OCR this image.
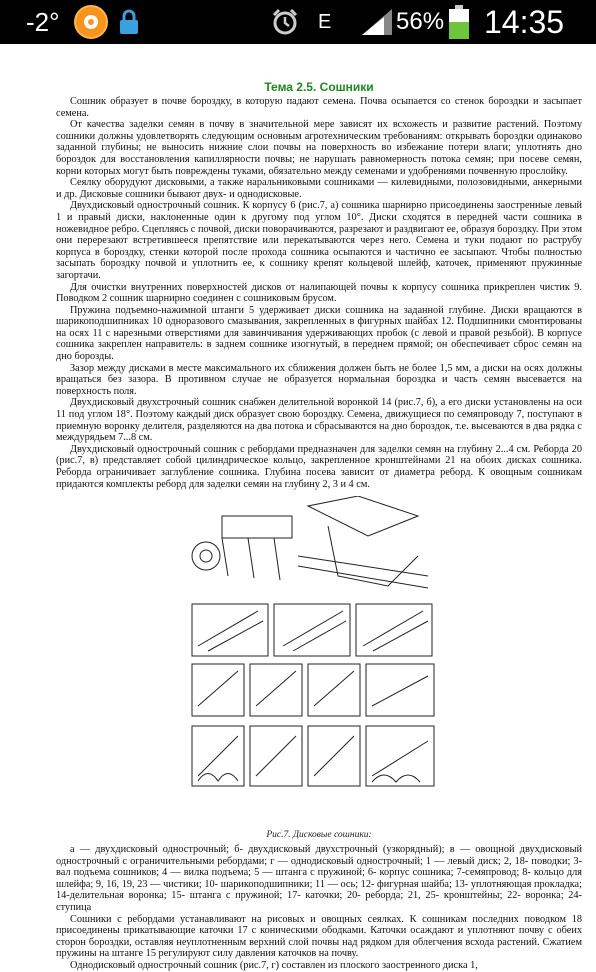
-2°	E	56% 14:35
Тема 2.5. Сошники

Сошник образует в почве бороздку, в которую падают семена. Почва осыпается со стенок бороздки и засыпает семена.

От качества заделки семян в почву в значительной мере зависят их всхожесть и развитие растений. Поэтому сошники должны удовлетворять следующим основным агротехническим требованиям: открывать бороздки одинаково заданной глубины; не выносить нижние слои почвы на поверхность во избежание потери влаги; уплотнять дно бороздок для восстановления капиллярности почвы; не нарушать равномерность потока семян; при посеве семян, корни которых могут быть повреждены туками, обязательно между семенами и удобрениями почвенную прослойку.

Сеялку оборудуют дисковыми, а также наральниковыми сошниками — килевидными, полозовидными, анкерными и др. Дисковые сошники бывают двух- и однодисковые.

Двухдисковый однострочный сошник. К корпусу 6 (рис.7, а) сошника шарнирно присоединены заостренные левый 1 и правый диски, наклоненные один к другому под углом 10°. Диски сходятся в передней части сошника в ножевидное ребро. Сцепляясь с почвой, диски поворачиваются, разрезают и раздвигают ее, образуя бороздку. При этом они перерезают встретившееся препятствие или перекатываются через него. Семена и туки подают по раструбу корпуса в бороздку, стенки которой после прохода сошника осыпаются и частично ее засыпают. Чтобы полностью засыпать бороздку почвой и уплотнить ее, к сошнику крепят кольцевой шлейф, каточек, применяют пружинные загортачи.

Для очистки внутренних поверхностей дисков от налипающей почвы к корпусу сошника прикреплен чистик 9. Поводком 2 сошник шарнирно соединен с сошниковым брусом.

Пружина подъемно-нажимной штанги 5 удерживает диски сошника на заданной глубине. Диски вращаются в шарикоподшипниках 10 одноразового смазывания, закрепленных в фигурных шайбах 12. Подшипники смонтированы на осях 11 с нарезными отверстиями для завинчивания удерживающих пробок (с левой и правой резьбой). В корпусе сошника закреплен направитель: в заднем сошнике изогнутый, в переднем прямой; он обеспечивает сброс семян на дно борозды.

Зазор между дисками в месте максимального их сближения должен быть не более 1,5 мм, а диски на осях должны вращаться без зазора. В противном случае не образуется нормальная бороздка и часть семян высевается на поверхность поля.

Двухдисковый двухстрочный сошник снабжен делительной воронкой 14 (рис.7, б), а его диски установлены на оси 11 под углом 18°. Поэтому каждый диск образует свою бороздку. Семена, движущиеся по семяпроводу 7, поступают в приемную воронку делителя, разделяются на два потока и сбрасываются на дно бороздок, т.е. высеваются в два рядка с междурядьем 7...8 см.

Двухдисковый однострочный сошник с ребордами предназначен для заделки семян на глубину 2...4 см. Реборда 20 (рис.7, в) представляет собой цилиндрическое кольцо, закрепленное кронштейнами 21 на обоих дисках сошника. Реборда ограничивает заглубление сошника. Глубина посева зависит от диаметра реборд. К овощным сошникам придаются комплекты реборд для заделки семян на глубину 2, 3 и 4 см.

Рис.7. Дисковые сошники:

а — двухдисковый однострочный; б- двухдисковый двухстрочный (узкорядный); в — овощной двухдисковый однострочный с ограничительными ребордами; г — однодисковый однострочный; 1 — левый диск; 2, 18- поводки; 3- вал подъема сошников; 4 — вилка подъема; 5 — штанга с пружиной; 6- корпус сошника; 7-семяпровод; 8- кольцо для шлейфа; 9, 16, 19, 23 — чистики; 10- шарикоподшипники; 11 — ось; 12- фигурная шайба; 13- уплотняющая прокладка; 14-делительная воронка; 15- штанга с пружиной; 17- каточки; 20- реборда; 21, 25- кронштейны; 22- воронка; 24- ступица

Сошники с ребордами устанавливают на рисовых и овощных сеялках. К сошникам последних поводком 18 присоединены прикатывающие каточки 17 с коническими ободками. Каточки осаждают и уплотняют почву с обеих сторон бороздки, оставляя неуплотненным верхний слой почвы над рядком для облегчения всхода растений. Сжатием пружины на штанге 15 регулируют силу давления каточков на почву.

Однодисковый однострочный сошник (рис.7, г) составлен из плоского заостренного диска 1,
